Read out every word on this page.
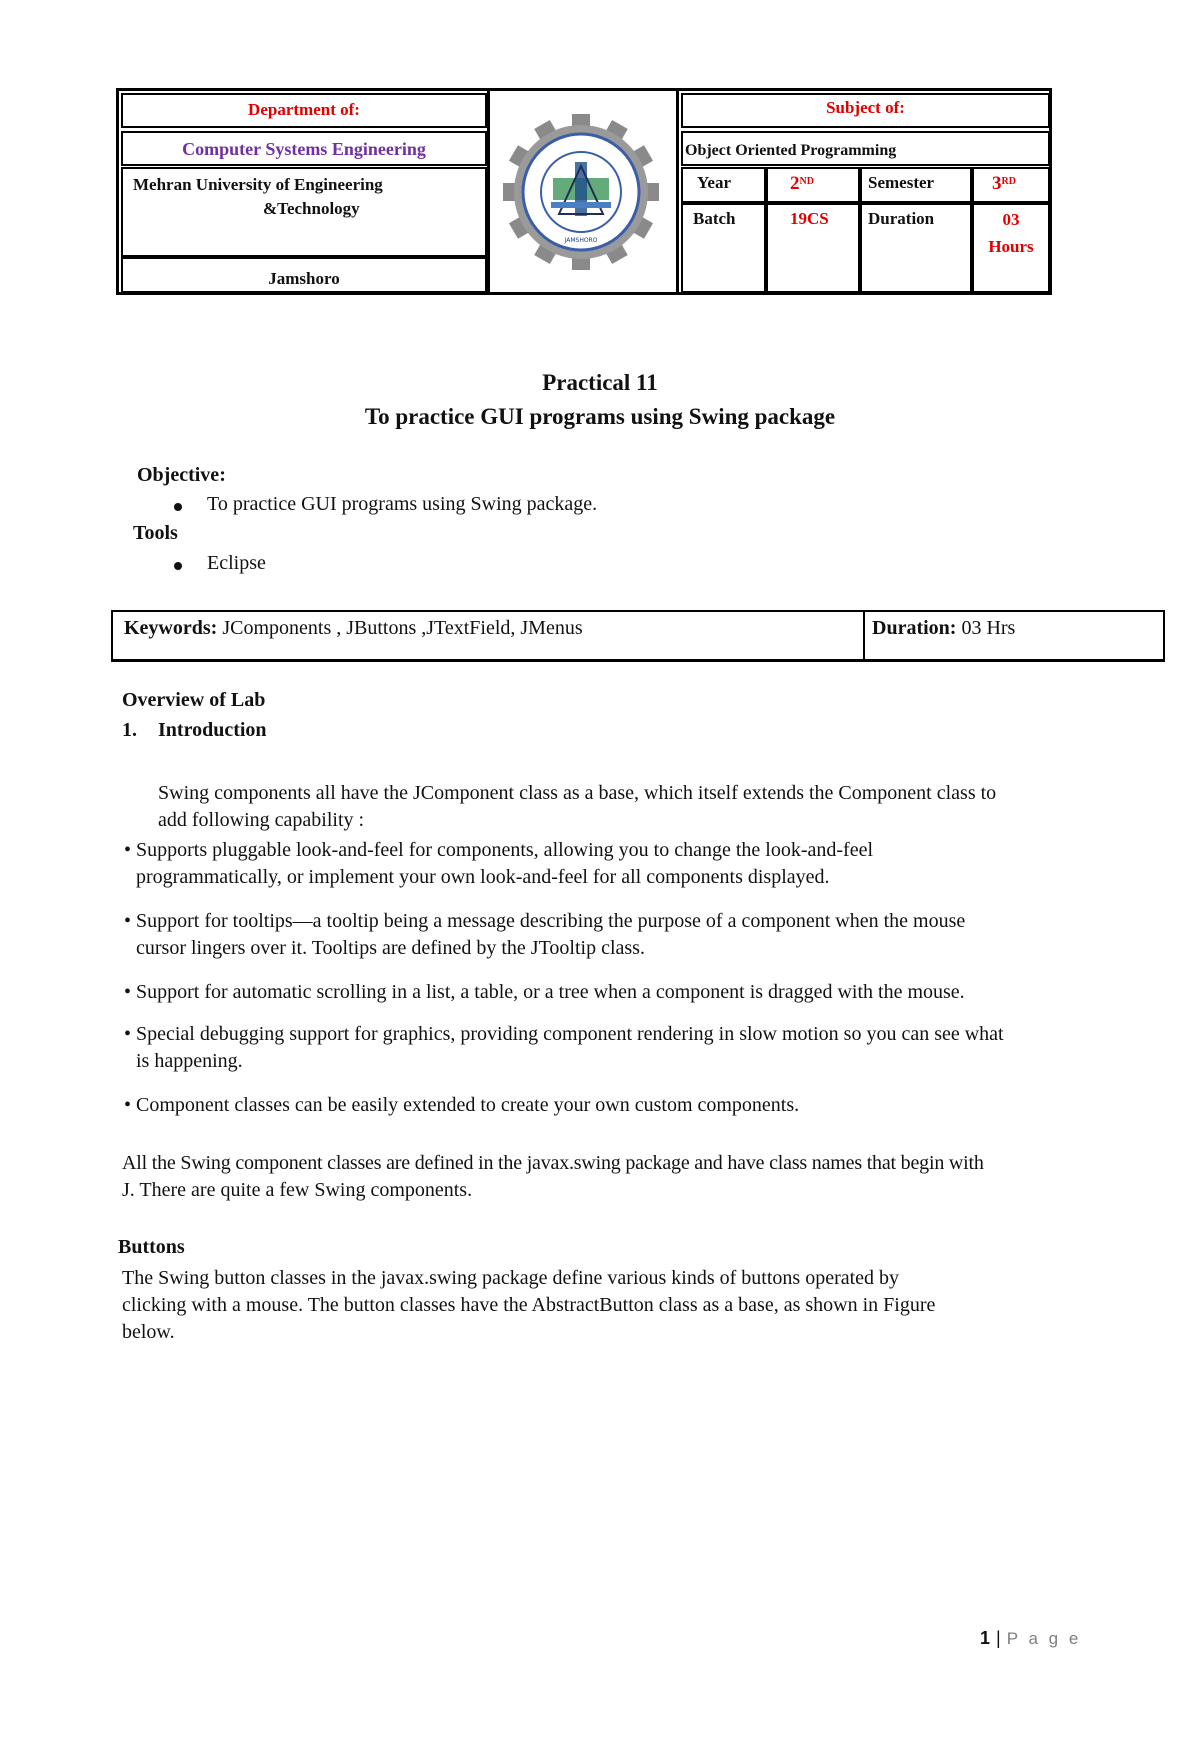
Department of:
Computer Systems Engineering
Mehran University of Engineering
&Technology
Jamshoro
Subject of:
Object Oriented Programming
Year	2ND	Semester	3RD
Batch	19CS	Duration	03
Hours
JAMSHORO
Practical 11
To practice GUI programs using Swing package
Objective:
To practice GUI programs using Swing package.
Tools
Eclipse
Keywords: JComponents , JButtons ,JTextField, JMenus	Duration: 03 Hrs
Overview of Lab
1. Introduction
Swing components all have the JComponent class as a base, which itself extends the Component class to
add following capability :
• Supports pluggable look-and-feel for components, allowing you to change the look-and-feel
programmatically, or implement your own look-and-feel for all components displayed.
• Support for tooltips—a tooltip being a message describing the purpose of a component when the mouse
cursor lingers over it. Tooltips are defined by the JTooltip class.
• Support for automatic scrolling in a list, a table, or a tree when a component is dragged with the mouse.
• Special debugging support for graphics, providing component rendering in slow motion so you can see what
is happening.
• Component classes can be easily extended to create your own custom components.
All the Swing component classes are defined in the javax.swing package and have class names that begin with
J. There are quite a few Swing components.
Buttons
The Swing button classes in the javax.swing package define various kinds of buttons operated by
clicking with a mouse. The button classes have the AbstractButton class as a base, as shown in Figure
below.
1 | P a g e
